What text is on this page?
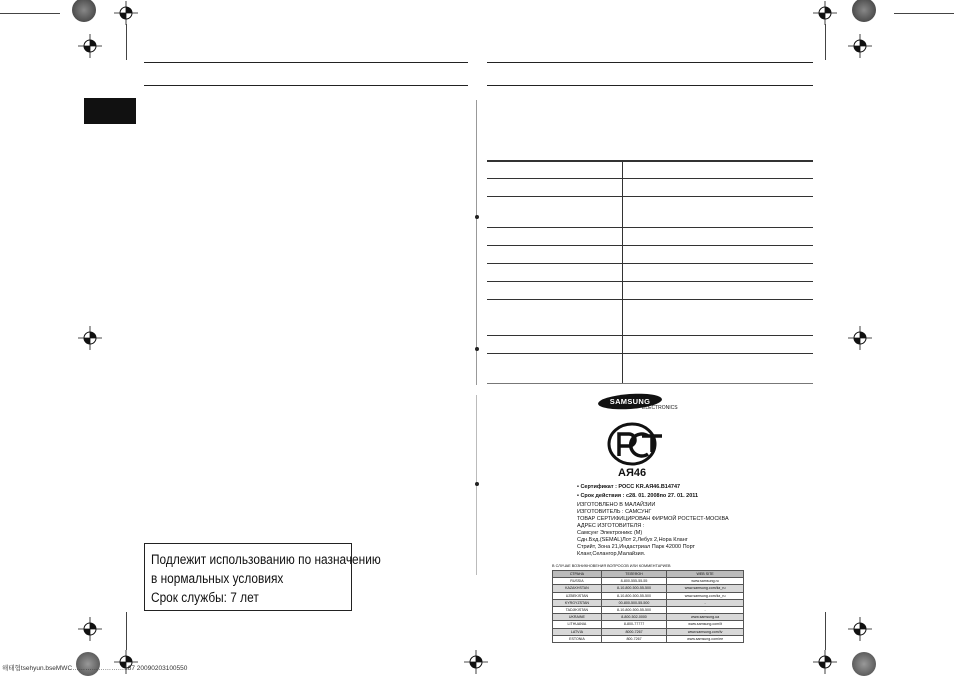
Подлежит использованию по назначению
в нормальных условиях
Срок службы: 7 лет
SAMSUNG
ELECTRONICS
АЯ46
• Сертификат : РОСС KR.АЯ46.В14747
• Срок действия : с28. 01. 2008по 27. 01. 2011
ИЗГОТОВЛЕНО В МАЛАЙЗИИ
ИЗГОТОВИТЕЛЬ : САМСУНГ
ТОВАР СЕРТИФИЦИРОВАН ФИРМОЙ РОСТЕСТ-МОСКВА
АДРЕС ИЗГОТОВИТЕЛЯ :
Самсунг Электроникс (М)
Сдн.Бхд.(SEMAL)Лот 2,Лебух 2,Нора Кланг
Стрийт, Зона 21,Индастриал Парк 42000 Порт
Кланг,Селангор,Малайзия.
В СЛУЧАЕ ВОЗНИКНОВЕНИЯ ВОПРОСОВ ИЛИ КОММЕНТАРИЕВ
СТРАНА	ТЕЛЕФОН	WEB SITE
RUSSIA	8-800-555-55-55	www.samsung.ru
KAZAKHSTAN	8-10-800-500-55-500	www.samsung.com/kz_ru
UZBEKISTAN	8-10-800-500-55-500	www.samsung.com/kz_ru
KYRGYZSTAN	00-800-500-55-500	-
TADJIKISTAN	8-10-800-500-55-500	-
UKRAINE	8-800-502-0000	www.samsung.ua
LITHUANIA	8-800-77777	www.samsung.com/lt
LATVIA	8000-7267	www.samsung.com/lv
ESTONIA	800-7267	www.samsung.com/ee
해태협tsehyun.bsеMWC……………………187 20090203100550
